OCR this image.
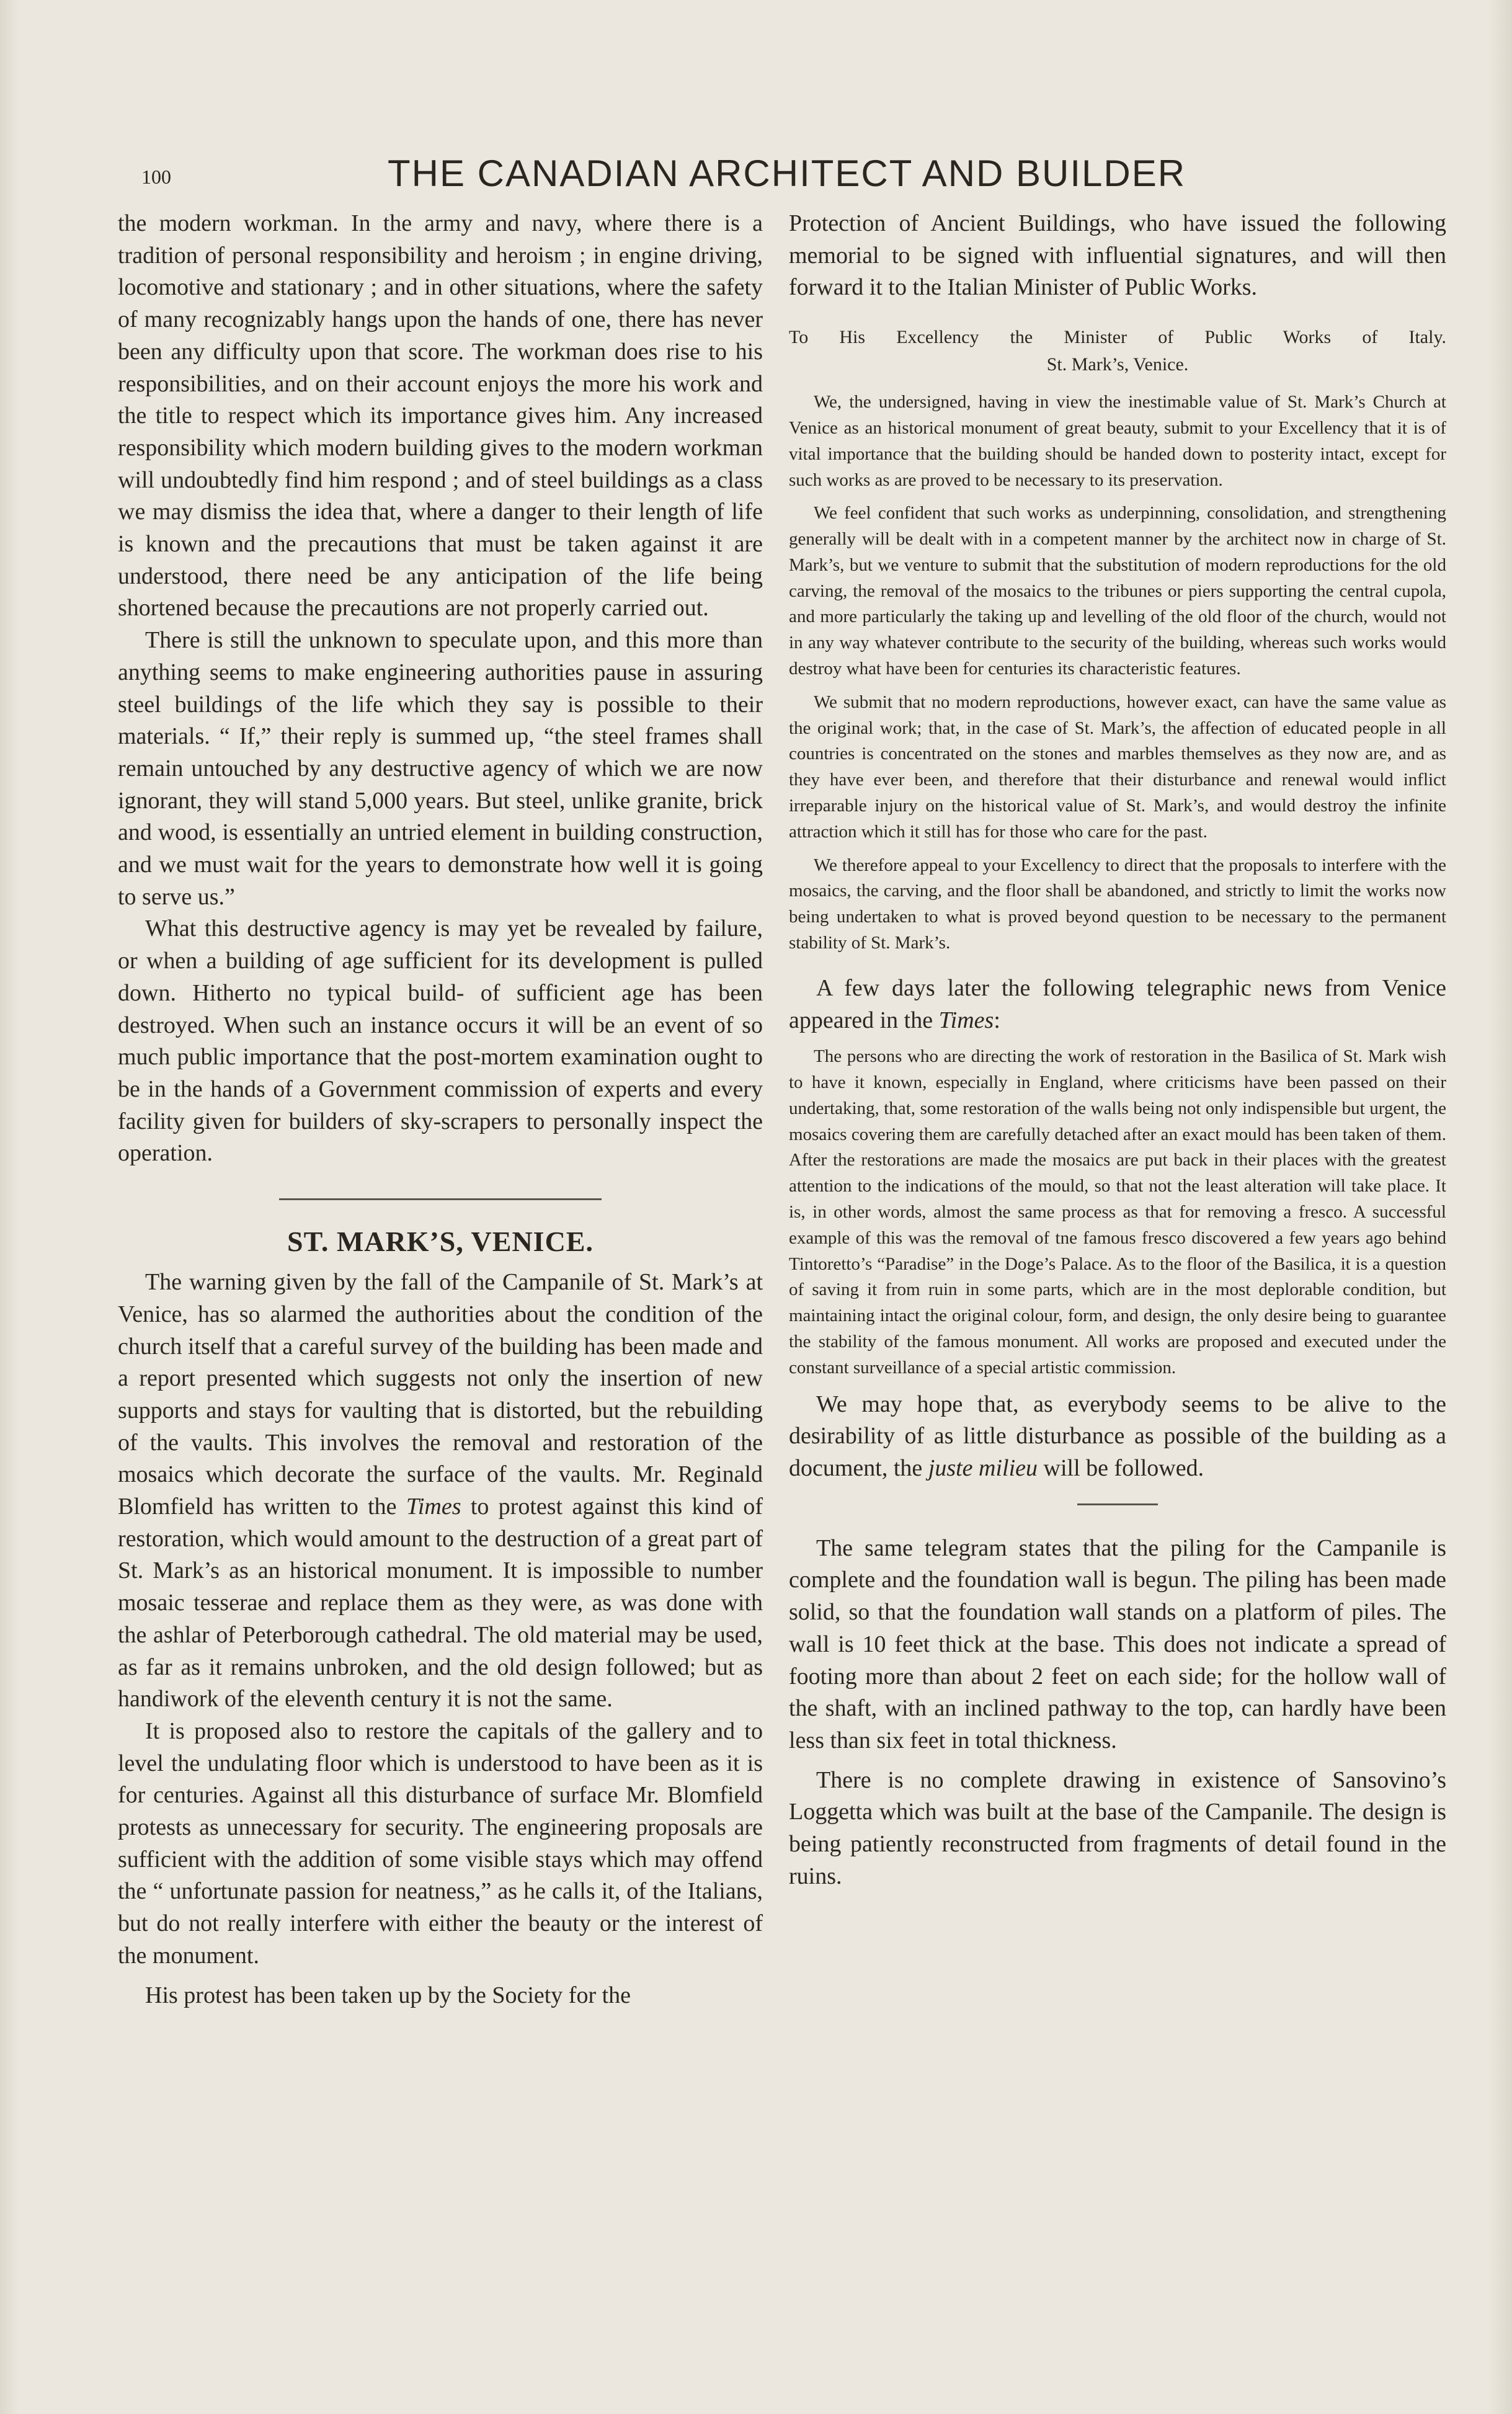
100	THE CANADIAN ARCHITECT AND BUILDER

the modern workman. In the army and navy, where there is a tradition of personal responsibility and heroism ; in engine driving, locomotive and stationary ; and in other situations, where the safety of many recognizably hangs upon the hands of one, there has never been any difficulty upon that score. The workman does rise to his responsibilities, and on their account enjoys the more his work and the title to respect which its importance gives him. Any increased responsibility which modern building gives to the modern workman will undoubtedly find him respond ; and of steel buildings as a class we may dismiss the idea that, where a danger to their length of life is known and the precautions that must be taken against it are understood, there need be any anticipation of the life being shortened because the precautions are not properly carried out.

There is still the unknown to speculate upon, and this more than anything seems to make engineering authorities pause in assuring steel buildings of the life which they say is possible to their materials. “ If,” their reply is summed up, “the steel frames shall remain untouched by any destructive agency of which we are now ignorant, they will stand 5,000 years. But steel, unlike granite, brick and wood, is essentially an untried element in building construction, and we must wait for the years to demonstrate how well it is going to serve us.”

What this destructive agency is may yet be revealed by failure, or when a building of age sufficient for its development is pulled down. Hitherto no typical build- of sufficient age has been destroyed. When such an instance occurs it will be an event of so much public importance that the post-mortem examination ought to be in the hands of a Government commission of experts and every facility given for builders of sky-scrapers to personally inspect the operation.

ST. MARK’S, VENICE.

The warning given by the fall of the Campanile of St. Mark’s at Venice, has so alarmed the authorities about the condition of the church itself that a careful survey of the building has been made and a report presented which suggests not only the insertion of new supports and stays for vaulting that is distorted, but the rebuilding of the vaults. This involves the removal and restoration of the mosaics which decorate the surface of the vaults. Mr. Reginald Blomfield has written to the Times to protest against this kind of restoration, which would amount to the destruction of a great part of St. Mark’s as an historical monument. It is impossible to number mosaic tesserae and replace them as they were, as was done with the ashlar of Peterborough cathedral. The old material may be used, as far as it remains unbroken, and the old design followed; but as handiwork of the eleventh century it is not the same.

It is proposed also to restore the capitals of the gallery and to level the undulating floor which is understood to have been as it is for centuries. Against all this disturbance of surface Mr. Blomfield protests as unnecessary for security. The engineering proposals are sufficient with the addition of some visible stays which may offend the “ unfortunate passion for neatness,” as he calls it, of the Italians, but do not really interfere with either the beauty or the interest of the monument.

His protest has been taken up by the Society for the

Protection of Ancient Buildings, who have issued the following memorial to be signed with influential signatures, and will then forward it to the Italian Minister of Public Works.

To His Excellency the Minister of Public Works of Italy.
St. Mark’s, Venice.

We, the undersigned, having in view the inestimable value of St. Mark’s Church at Venice as an historical monument of great beauty, submit to your Excellency that it is of vital importance that the building should be handed down to posterity intact, except for such works as are proved to be necessary to its preservation.

We feel confident that such works as underpinning, consolidation, and strengthening generally will be dealt with in a competent manner by the architect now in charge of St. Mark’s, but we venture to submit that the substitution of modern reproductions for the old carving, the removal of the mosaics to the tribunes or piers supporting the central cupola, and more particularly the taking up and levelling of the old floor of the church, would not in any way whatever contribute to the security of the building, whereas such works would destroy what have been for centuries its characteristic features.

We submit that no modern reproductions, however exact, can have the same value as the original work; that, in the case of St. Mark’s, the affection of educated people in all countries is concentrated on the stones and marbles themselves as they now are, and as they have ever been, and therefore that their disturbance and renewal would inflict irreparable injury on the historical value of St. Mark’s, and would destroy the infinite attraction which it still has for those who care for the past.

We therefore appeal to your Excellency to direct that the proposals to interfere with the mosaics, the carving, and the floor shall be abandoned, and strictly to limit the works now being undertaken to what is proved beyond question to be necessary to the permanent stability of St. Mark’s.

A few days later the following telegraphic news from Venice appeared in the Times:

The persons who are directing the work of restoration in the Basilica of St. Mark wish to have it known, especially in England, where criticisms have been passed on their undertaking, that, some restoration of the walls being not only indispensible but urgent, the mosaics covering them are carefully detached after an exact mould has been taken of them. After the restorations are made the mosaics are put back in their places with the greatest attention to the indications of the mould, so that not the least alteration will take place. It is, in other words, almost the same process as that for removing a fresco. A successful example of this was the removal of tne famous fresco discovered a few years ago behind Tintoretto’s “Paradise” in the Doge’s Palace. As to the floor of the Basilica, it is a question of saving it from ruin in some parts, which are in the most deplorable condition, but maintaining intact the original colour, form, and design, the only desire being to guarantee the stability of the famous monument. All works are proposed and executed under the constant surveillance of a special artistic commission.

We may hope that, as everybody seems to be alive to the desirability of as little disturbance as possible of the building as a document, the juste milieu will be followed.

The same telegram states that the piling for the Campanile is complete and the foundation wall is begun. The piling has been made solid, so that the foundation wall stands on a platform of piles. The wall is 10 feet thick at the base. This does not indicate a spread of footing more than about 2 feet on each side; for the hollow wall of the shaft, with an inclined pathway to the top, can hardly have been less than six feet in total thickness.

There is no complete drawing in existence of Sansovino’s Loggetta which was built at the base of the Campanile. The design is being patiently reconstructed from fragments of detail found in the ruins.
